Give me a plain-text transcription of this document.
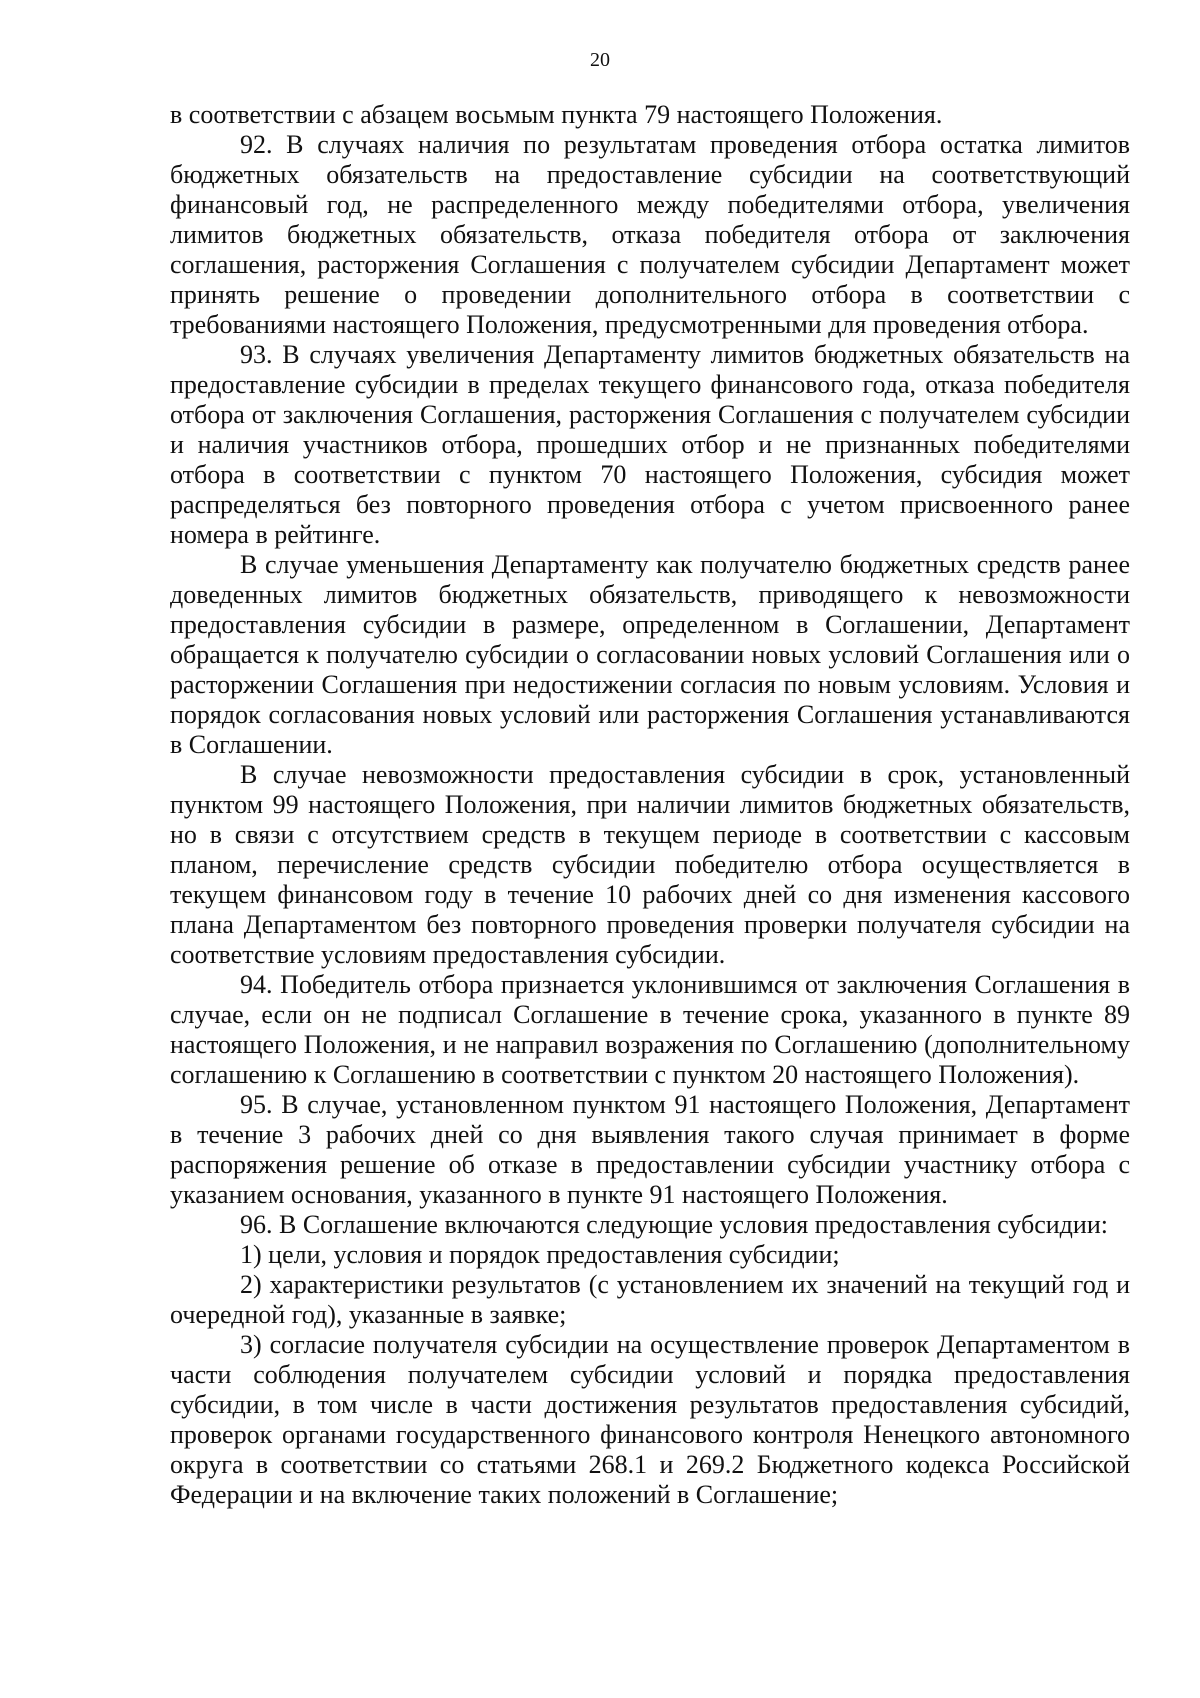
20

в соответствии с абзацем восьмым пункта 79 настоящего Положения.

92. В случаях наличия по результатам проведения отбора остатка лимитов бюджетных обязательств на предоставление субсидии на соответствующий финансовый год, не распределенного между победителями отбора, увеличения лимитов бюджетных обязательств, отказа победителя отбора от заключения соглашения, расторжения Соглашения с получателем субсидии Департамент может принять решение о проведении дополнительного отбора в соответствии с требованиями настоящего Положения, предусмотренными для проведения отбора.

93. В случаях увеличения Департаменту лимитов бюджетных обязательств на предоставление субсидии в пределах текущего финансового года, отказа победителя отбора от заключения Соглашения, расторжения Соглашения с получателем субсидии и наличия участников отбора, прошедших отбор и не признанных победителями отбора в соответствии с пунктом 70 настоящего Положения, субсидия может распределяться без повторного проведения отбора с учетом присвоенного ранее номера в рейтинге.

В случае уменьшения Департаменту как получателю бюджетных средств ранее доведенных лимитов бюджетных обязательств, приводящего к невозможности предоставления субсидии в размере, определенном в Соглашении, Департамент обращается к получателю субсидии о согласовании новых условий Соглашения или о расторжении Соглашения при недостижении согласия по новым условиям. Условия и порядок согласования новых условий или расторжения Соглашения устанавливаются в Соглашении.

В случае невозможности предоставления субсидии в срок, установленный пунктом 99 настоящего Положения, при наличии лимитов бюджетных обязательств, но в связи с отсутствием средств в текущем периоде в соответствии с кассовым планом, перечисление средств субсидии победителю отбора осуществляется в текущем финансовом году в течение 10 рабочих дней со дня изменения кассового плана Департаментом без повторного проведения проверки получателя субсидии на соответствие условиям предоставления субсидии.

94. Победитель отбора признается уклонившимся от заключения Соглашения в случае, если он не подписал Соглашение в течение срока, указанного в пункте 89 настоящего Положения, и не направил возражения по Соглашению (дополнительному соглашению к Соглашению в соответствии с пунктом 20 настоящего Положения).

95. В случае, установленном пунктом 91 настоящего Положения, Департамент в течение 3 рабочих дней со дня выявления такого случая принимает в форме распоряжения решение об отказе в предоставлении субсидии участнику отбора с указанием основания, указанного в пункте 91 настоящего Положения.

96. В Соглашение включаются следующие условия предоставления субсидии:

1) цели, условия и порядок предоставления субсидии;

2) характеристики результатов (с установлением их значений на текущий год и очередной год), указанные в заявке;

3) согласие получателя субсидии на осуществление проверок Департаментом в части соблюдения получателем субсидии условий и порядка предоставления субсидии, в том числе в части достижения результатов предоставления субсидий, проверок органами государственного финансового контроля Ненецкого автономного округа в соответствии со статьями 268.1 и 269.2 Бюджетного кодекса Российской Федерации и на включение таких положений в Соглашение;
